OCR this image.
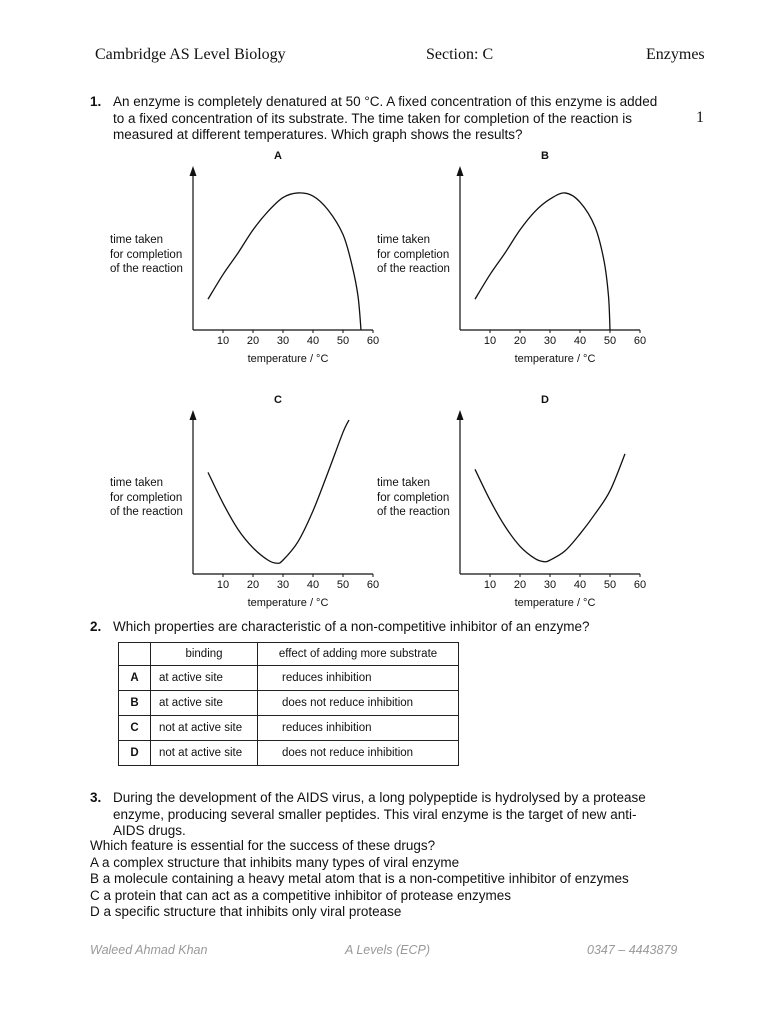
Cambridge AS Level Biology	Section: C	Enzymes
1
1. An enzyme is completely denatured at 50 °C. A fixed concentration of this enzyme is added

to a fixed concentration of its substrate. The time taken for completion of the reaction is

measured at different temperatures. Which graph shows the results?

A
time taken
for completion
of the reaction
10 20 30 40 50 60
temperature / °C
B
time taken
for completion
of the reaction
10 20 30 40 50 60
temperature / °C
C
time taken
for completion
of the reaction
10 20 30 40 50 60
temperature / °C
D
time taken
for completion
of the reaction
10 20 30 40 50 60
temperature / °C
2. Which properties are characteristic of a non-competitive inhibitor of an enzyme?
	binding	effect of adding more substrate
A	at active site	reduces inhibition
B	at active site	does not reduce inhibition
C	not at active site	reduces inhibition
D	not at active site	does not reduce inhibition
3. During the development of the AIDS virus, a long polypeptide is hydrolysed by a protease

enzyme, producing several smaller peptides. This viral enzyme is the target of new anti-

AIDS drugs.

Which feature is essential for the success of these drugs?

A a complex structure that inhibits many types of viral enzyme

B a molecule containing a heavy metal atom that is a non-competitive inhibitor of enzymes

C a protein that can act as a competitive inhibitor of protease enzymes

D a specific structure that inhibits only viral protease

Waleed Ahmad Khan	A Levels (ECP)	0347 – 4443879
